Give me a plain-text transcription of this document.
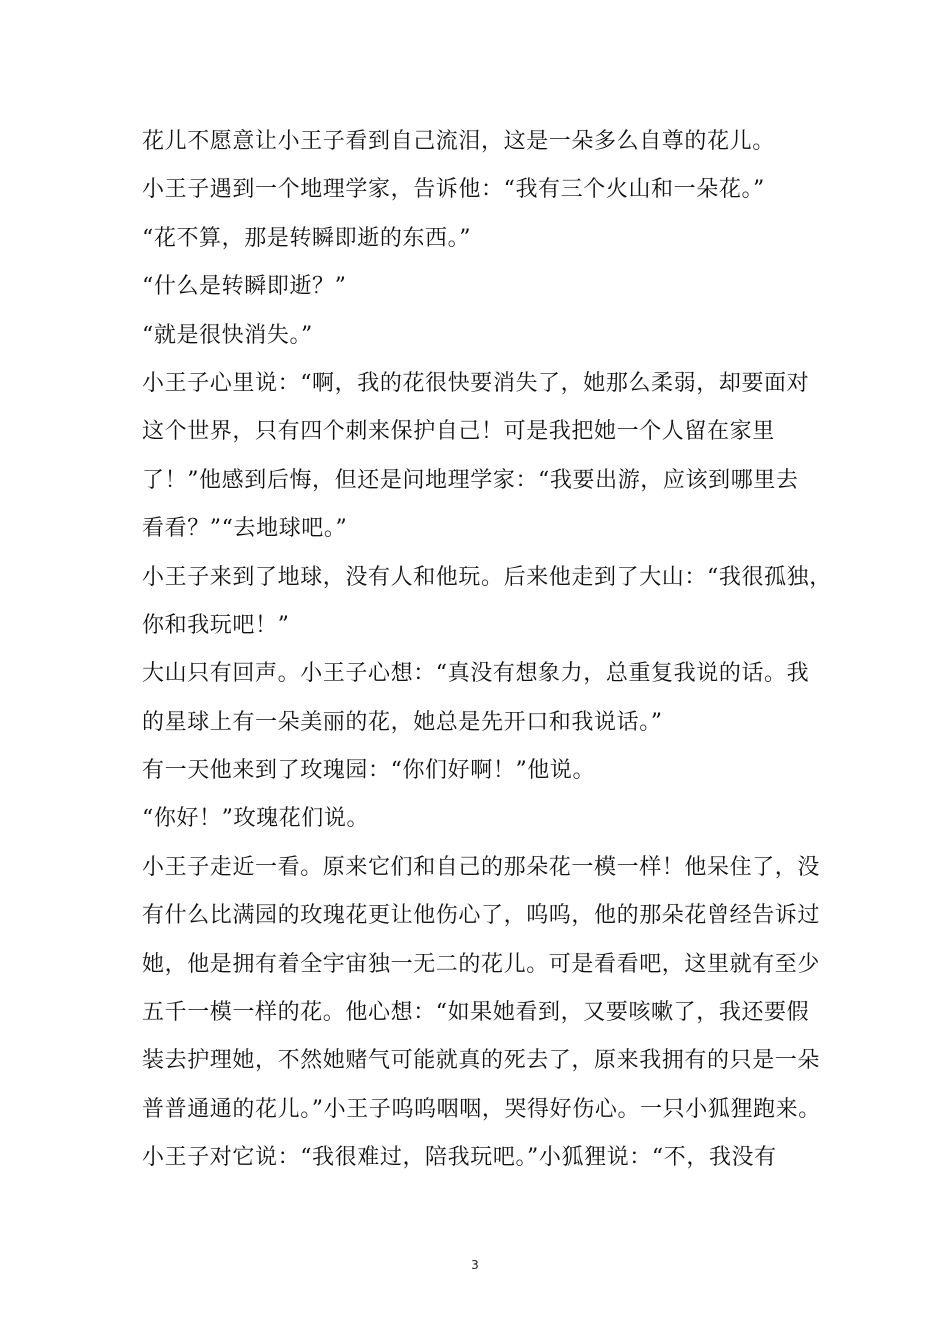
花儿不愿意让小王子看到自己流泪，这是一朵多么自尊的花儿。
小王子遇到一个地理学家，告诉他：“我有三个火山和一朵花。”
“花不算，那是转瞬即逝的东西。”
“什么是转瞬即逝？”
“就是很快消失。”
小王子心里说：“啊，我的花很快要消失了，她那么柔弱，却要面对
这个世界，只有四个刺来保护自己！可是我把她一个人留在家里
了！”他感到后悔，但还是问地理学家：“我要出游，应该到哪里去
看看？”“去地球吧。”
小王子来到了地球，没有人和他玩。后来他走到了大山：“我很孤独，
你和我玩吧！”
大山只有回声。小王子心想：“真没有想象力，总重复我说的话。我
的星球上有一朵美丽的花，她总是先开口和我说话。”
有一天他来到了玫瑰园：“你们好啊！”他说。
“你好！”玫瑰花们说。
小王子走近一看。原来它们和自己的那朵花一模一样！他呆住了，没
有什么比满园的玫瑰花更让他伤心了，呜呜，他的那朵花曾经告诉过
她，他是拥有着全宇宙独一无二的花儿。可是看看吧，这里就有至少
五千一模一样的花。他心想：“如果她看到，又要咳嗽了，我还要假
装去护理她，不然她赌气可能就真的死去了，原来我拥有的只是一朵
普普通通的花儿。”小王子呜呜咽咽，哭得好伤心。一只小狐狸跑来。
小王子对它说：“我很难过，陪我玩吧。”小狐狸说：“不，我没有
3
